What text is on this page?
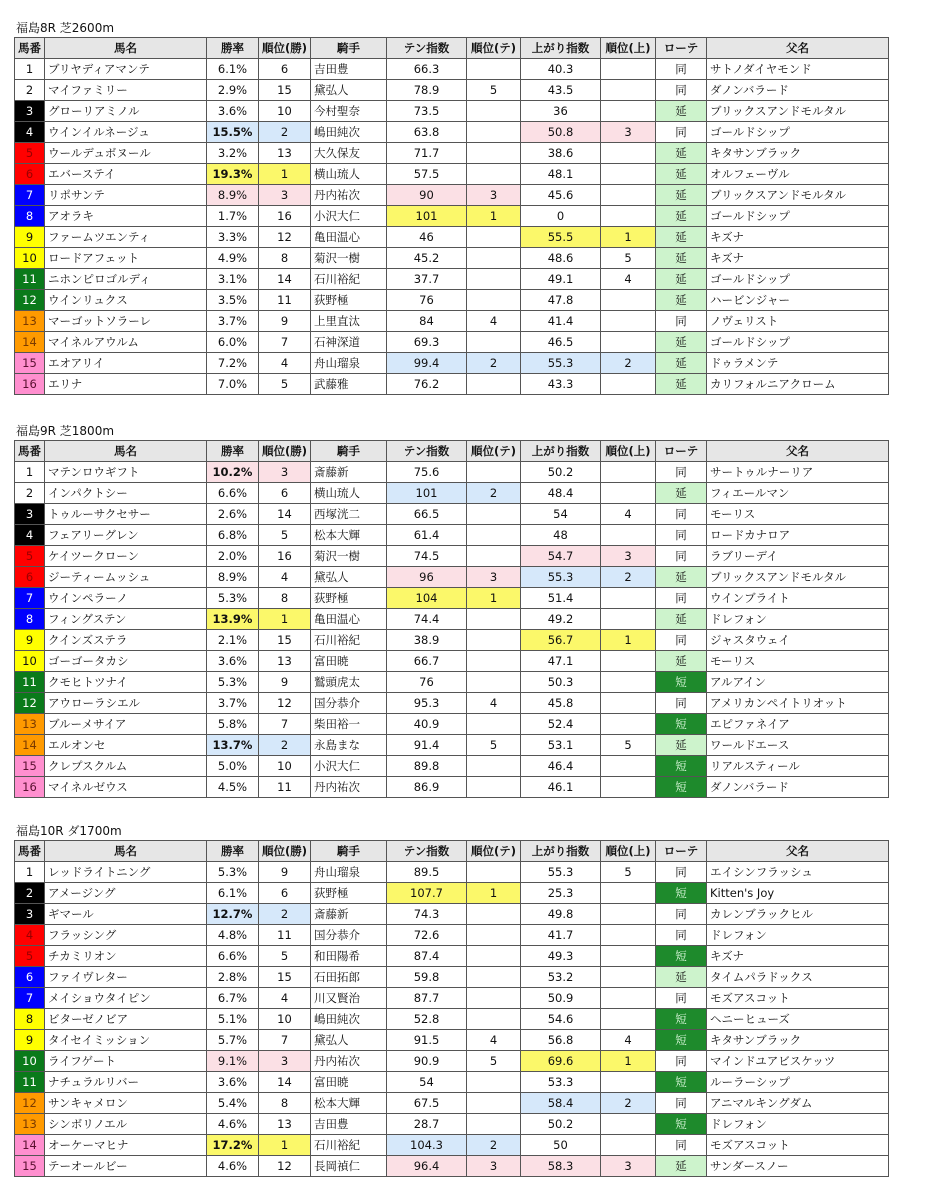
福島8R 芝2600m
馬番	馬名	勝率	順位(勝)	騎手	テン指数	順位(テ)	上がり指数	順位(上)	ローテ	父名
1	ブリヤディアマンテ	6.1%	6	吉田豊	66.3		40.3		同	サトノダイヤモンド
2	マイファミリー	2.9%	15	黛弘人	78.9	5	43.5		同	ダノンバラード
3	グローリアミノル	3.6%	10	今村聖奈	73.5		36		延	ブリックスアンドモルタル
4	ウインイルネージュ	15.5%	2	嶋田純次	63.8		50.8	3	同	ゴールドシップ
5	ウールデュボヌール	3.2%	13	大久保友	71.7		38.6		延	キタサンブラック
6	エバーステイ	19.3%	1	横山琉人	57.5		48.1		延	オルフェーヴル
7	リポサンテ	8.9%	3	丹内祐次	90	3	45.6		延	ブリックスアンドモルタル
8	アオラキ	1.7%	16	小沢大仁	101	1	0		延	ゴールドシップ
9	ファームツエンティ	3.3%	12	亀田温心	46		55.5	1	延	キズナ
10	ロードアフェット	4.9%	8	菊沢一樹	45.2		48.6	5	延	キズナ
11	ニホンピロゴルディ	3.1%	14	石川裕紀	37.7		49.1	4	延	ゴールドシップ
12	ウインリュクス	3.5%	11	荻野極	76		47.8		延	ハービンジャー
13	マーゴットソラーレ	3.7%	9	上里直汰	84	4	41.4		同	ノヴェリスト
14	マイネルアウルム	6.0%	7	石神深道	69.3		46.5		延	ゴールドシップ
15	エオアリイ	7.2%	4	舟山瑠泉	99.4	2	55.3	2	延	ドゥラメンテ
16	エリナ	7.0%	5	武藤雅	76.2		43.3		延	カリフォルニアクローム
福島9R 芝1800m
馬番	馬名	勝率	順位(勝)	騎手	テン指数	順位(テ)	上がり指数	順位(上)	ローテ	父名
1	マテンロウギフト	10.2%	3	斎藤新	75.6		50.2		同	サートゥルナーリア
2	インパクトシー	6.6%	6	横山琉人	101	2	48.4		延	フィエールマン
3	トゥルーサクセサー	2.6%	14	西塚洸二	66.5		54	4	同	モーリス
4	フェアリーグレン	6.8%	5	松本大輝	61.4		48		同	ロードカナロア
5	ケイツークローン	2.0%	16	菊沢一樹	74.5		54.7	3	同	ラブリーデイ
6	ジーティームッシュ	8.9%	4	黛弘人	96	3	55.3	2	延	ブリックスアンドモルタル
7	ウインペラーノ	5.3%	8	荻野極	104	1	51.4		同	ウインブライト
8	フィングステン	13.9%	1	亀田温心	74.4		49.2		延	ドレフォン
9	クインズステラ	2.1%	15	石川裕紀	38.9		56.7	1	同	ジャスタウェイ
10	ゴーゴータカシ	3.6%	13	富田暁	66.7		47.1		延	モーリス
11	クモヒトツナイ	5.3%	9	鷲頭虎太	76		50.3		短	アルアイン
12	アウローラシエル	3.7%	12	国分恭介	95.3	4	45.8		同	アメリカンペイトリオット
13	ブルーメサイア	5.8%	7	柴田裕一	40.9		52.4		短	エピファネイア
14	エルオンセ	13.7%	2	永島まな	91.4	5	53.1	5	延	ワールドエース
15	クレプスクルム	5.0%	10	小沢大仁	89.8		46.4		短	リアルスティール
16	マイネルゼウス	4.5%	11	丹内祐次	86.9		46.1		短	ダノンバラード
福島10R ダ1700m
馬番	馬名	勝率	順位(勝)	騎手	テン指数	順位(テ)	上がり指数	順位(上)	ローテ	父名
1	レッドライトニング	5.3%	9	舟山瑠泉	89.5		55.3	5	同	エイシンフラッシュ
2	アメージング	6.1%	6	荻野極	107.7	1	25.3		短	Kitten's Joy
3	ギマール	12.7%	2	斎藤新	74.3		49.8		同	カレンブラックヒル
4	フラッシング	4.8%	11	国分恭介	72.6		41.7		同	ドレフォン
5	チカミリオン	6.6%	5	和田陽希	87.4		49.3		短	キズナ
6	ファイヴレター	2.8%	15	石田拓郎	59.8		53.2		延	タイムパラドックス
7	メイショウタイピン	6.7%	4	川又賢治	87.7		50.9		同	モズアスコット
8	ビターゼノビア	5.1%	10	嶋田純次	52.8		54.6		短	ヘニーヒューズ
9	タイセイミッション	5.7%	7	黛弘人	91.5	4	56.8	4	短	キタサンブラック
10	ライフゲート	9.1%	3	丹内祐次	90.9	5	69.6	1	同	マインドユアビスケッツ
11	ナチュラルリバー	3.6%	14	富田暁	54		53.3		短	ルーラーシップ
12	サンキャメロン	5.4%	8	松本大輝	67.5		58.4	2	同	アニマルキングダム
13	シンボリノエル	4.6%	13	吉田豊	28.7		50.2		短	ドレフォン
14	オーケーマヒナ	17.2%	1	石川裕紀	104.3	2	50		同	モズアスコット
15	テーオールビー	4.6%	12	長岡禎仁	96.4	3	58.3	3	延	サンダースノー
